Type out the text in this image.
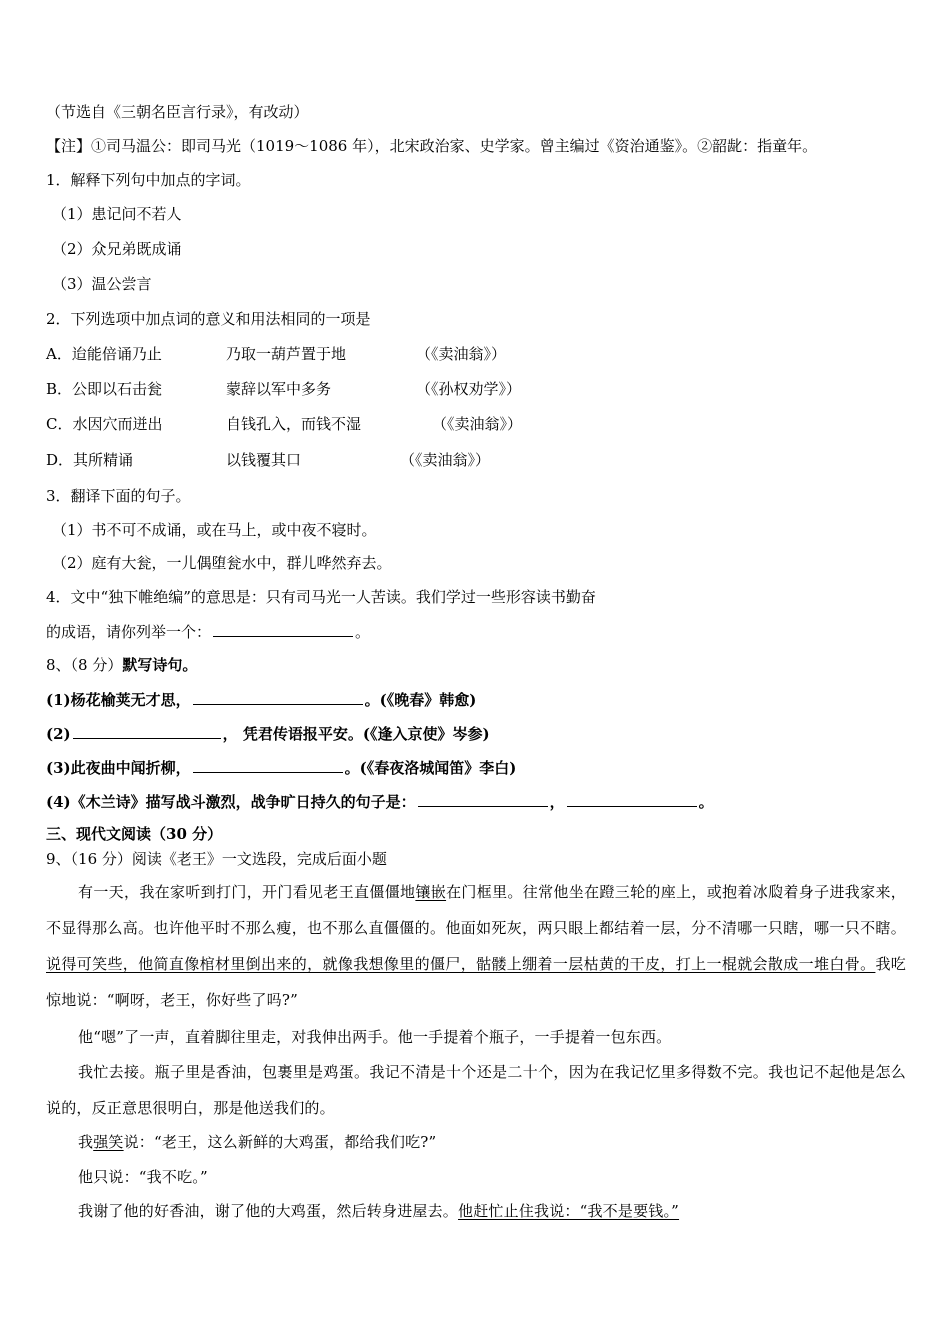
（节选自《三朝名臣言行录》，有改动）
【注】①司马温公：即司马光（1019～1086 年），北宋政治家、史学家。曾主编过《资治通鉴》。②韶龀：指童年。
1．解释下列句中加点的字词。
（1）患记问不若人
（2）众兄弟既成诵
（3）温公尝言
2．下列选项中加点词的意义和用法相同的一项是
A．迨能倍诵乃止	乃取一葫芦置于地	（《卖油翁》）
B．公即以石击瓮	蒙辞以军中多务	（《孙权劝学》）
C．水因穴而迸出	自钱孔入，而钱不湿	（《卖油翁》）
D．其所精诵	以钱覆其口	（《卖油翁》）
3．翻译下面的句子。
（1）书不可不成诵，或在马上，或中夜不寝时。
（2）庭有大瓮，一儿偶堕瓮水中，群儿哗然弃去。
4．文中“独下帷绝编”的意思是：只有司马光一人苦读。我们学过一些形容读书勤奋
的成语，请你列举一个：	。
8、（8 分）默写诗句。
(1)杨花榆荚无才思，	。(《晚春》韩愈)
(2)	， 凭君传语报平安。(《逢入京使》岑参)
(3)此夜曲中闻折柳，	。(《春夜洛城闻笛》李白)
(4)《木兰诗》描写战斗激烈，战争旷日持久的句子是：	，	。
三、现代文阅读（30 分）
9、（16 分）阅读《老王》一文选段，完成后面小题
有一天，我在家听到打门，开门看见老王直僵僵地镶嵌在门框里。往常他坐在蹬三轮的座上，或抱着冰瓝着身子进我家来，不显得那么高。也许他平时不那么瘦，也不那么直僵僵的。他面如死灰，两只眼上都结着一层，分不清哪一只瞎，哪一只不瞎。说得可笑些，他简直像棺材里倒出来的，就像我想像里的僵尸，骷髅上绷着一层枯黄的干皮，打上一棍就会散成一堆白骨。我吃惊地说：“啊呀，老王，你好些了吗?”
他“嗯”了一声，直着脚往里走，对我伸出两手。他一手提着个瓶子，一手提着一包东西。
我忙去接。瓶子里是香油，包裹里是鸡蛋。我记不清是十个还是二十个，因为在我记忆里多得数不完。我也记不起他是怎么说的，反正意思很明白，那是他送我们的。
我强笑说：“老王，这么新鲜的大鸡蛋，都给我们吃?”
他只说：“我不吃。”
我谢了他的好香油，谢了他的大鸡蛋，然后转身进屋去。他赶忙止住我说：“我不是要钱。”
